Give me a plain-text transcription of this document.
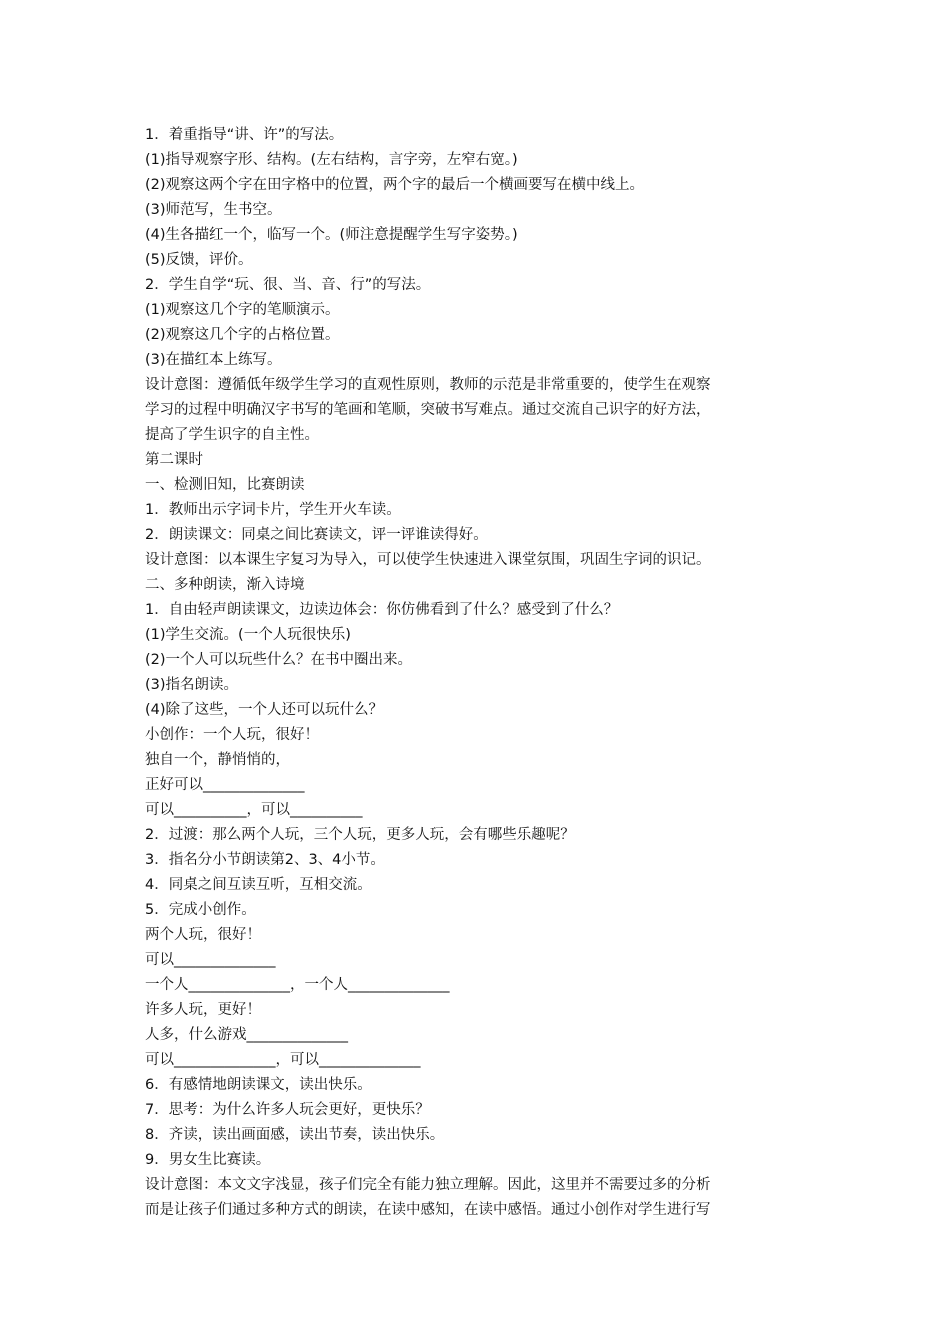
1．着重指导“讲、许”的写法。
(1)指导观察字形、结构。(左右结构，言字旁，左窄右宽。)
(2)观察这两个字在田字格中的位置，两个字的最后一个横画要写在横中线上。
(3)师范写，生书空。
(4)生各描红一个，临写一个。(师注意提醒学生写字姿势。)
(5)反馈，评价。
2．学生自学“玩、很、当、音、行”的写法。
(1)观察这几个字的笔顺演示。
(2)观察这几个字的占格位置。
(3)在描红本上练写。
设计意图：遵循低年级学生学习的直观性原则，教师的示范是非常重要的，使学生在观察
学习的过程中明确汉字书写的笔画和笔顺，突破书写难点。通过交流自己识字的好方法，
提高了学生识字的自主性。
第二课时
一、检测旧知，比赛朗读
1．教师出示字词卡片，学生开火车读。
2．朗读课文：同桌之间比赛读文，评一评谁读得好。
设计意图：以本课生字复习为导入，可以使学生快速进入课堂氛围，巩固生字词的识记。
二、多种朗读，渐入诗境
1．自由轻声朗读课文，边读边体会：你仿佛看到了什么？感受到了什么？
(1)学生交流。(一个人玩很快乐)
(2)一个人可以玩些什么？在书中圈出来。
(3)指名朗读。
(4)除了这些，一个人还可以玩什么？
小创作：一个人玩，很好！
独自一个，静悄悄的，
正好可以______________
可以__________，可以__________
2．过渡：那么两个人玩，三个人玩，更多人玩，会有哪些乐趣呢？
3．指名分小节朗读第2、3、4小节。
4．同桌之间互读互听，互相交流。
5．完成小创作。
两个人玩，很好！
可以______________
一个人______________，一个人______________
许多人玩，更好！
人多，什么游戏______________
可以______________，可以______________
6．有感情地朗读课文，读出快乐。
7．思考：为什么许多人玩会更好，更快乐？
8．齐读，读出画面感，读出节奏，读出快乐。
9．男女生比赛读。
设计意图：本文文字浅显，孩子们完全有能力独立理解。因此，这里并不需要过多的分析
而是让孩子们通过多种方式的朗读，在读中感知，在读中感悟。通过小创作对学生进行写
